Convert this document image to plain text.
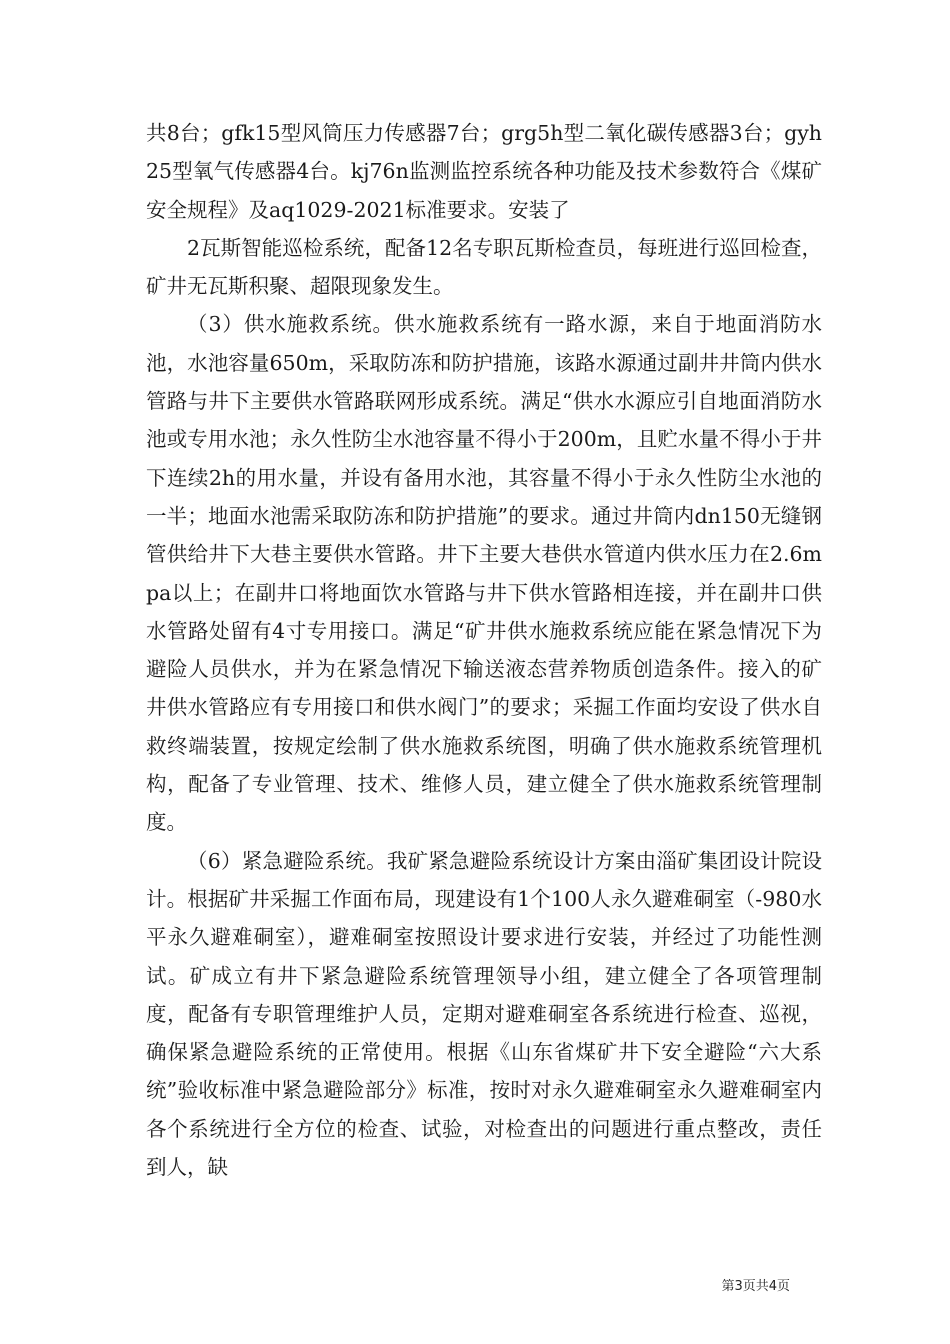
共8台；gfk15型风筒压力传感器7台；grg5h型二氧化碳传感器3台；gyh25型氧气传感器4台。kj76n监测监控系统各种功能及技术参数符合《煤矿安全规程》及aq1029-2021标准要求。安装了

2瓦斯智能巡检系统，配备12名专职瓦斯检查员，每班进行巡回检查，矿井无瓦斯积聚、超限现象发生。

（3）供水施救系统。供水施救系统有一路水源，来自于地面消防水池，水池容量650m，采取防冻和防护措施，该路水源通过副井井筒内供水管路与井下主要供水管路联网形成系统。满足“供水水源应引自地面消防水池或专用水池；永久性防尘水池容量不得小于200m，且贮水量不得小于井下连续2h的用水量，并设有备用水池，其容量不得小于永久性防尘水池的一半；地面水池需采取防冻和防护措施”的要求。通过井筒内dn150无缝钢管供给井下大巷主要供水管路。井下主要大巷供水管道内供水压力在2.6mpa以上；在副井口将地面饮水管路与井下供水管路相连接，并在副井口供水管路处留有4寸专用接口。满足“矿井供水施救系统应能在紧急情况下为避险人员供水，并为在紧急情况下输送液态营养物质创造条件。接入的矿井供水管路应有专用接口和供水阀门”的要求；采掘工作面均安设了供水自救终端装置，按规定绘制了供水施救系统图，明确了供水施救系统管理机构，配备了专业管理、技术、维修人员，建立健全了供水施救系统管理制度。

（6）紧急避险系统。我矿紧急避险系统设计方案由淄矿集团设计院设计。根据矿井采掘工作面布局，现建设有1个100人永久避难硐室（-980水平永久避难硐室），避难硐室按照设计要求进行安装，并经过了功能性测试。矿成立有井下紧急避险系统管理领导小组，建立健全了各项管理制度，配备有专职管理维护人员，定期对避难硐室各系统进行检查、巡视，确保紧急避险系统的正常使用。根据《山东省煤矿井下安全避险“六大系统”验收标准中紧急避险部分》标准，按时对永久避难硐室永久避难硐室内各个系统进行全方位的检查、试验，对检查出的问题进行重点整改，责任到人，缺

第3页共4页
